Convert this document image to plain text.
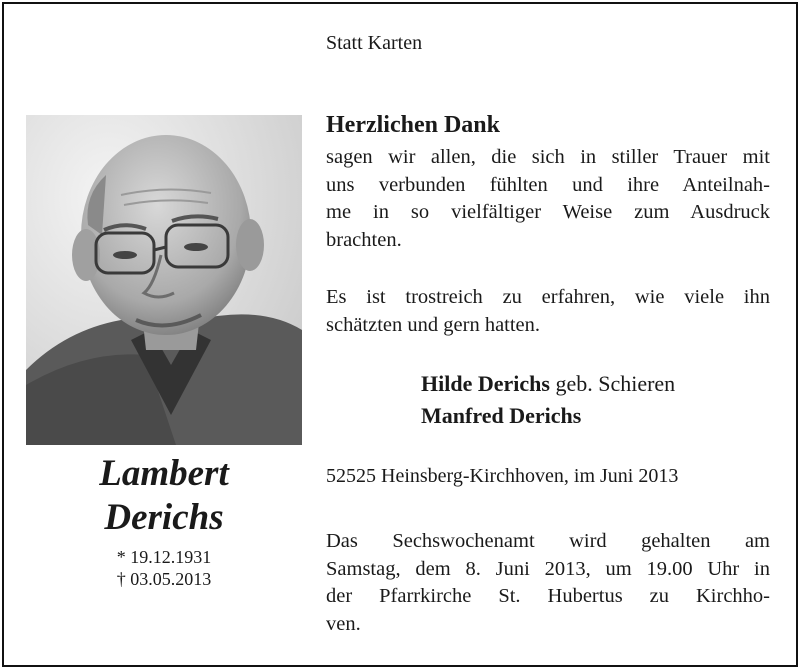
Statt Karten
Lambert
Derichs
* 19.12.1931
† 03.05.2013
Herzlichen Dank
sagen wir allen, die sich in stiller Trauer mit
uns verbunden fühlten und ihre Anteilnah-
me in so vielfältiger Weise zum Ausdruck
brachten.
Es ist trostreich zu erfahren, wie viele ihn
schätzten und gern hatten.
Hilde Derichs geb. Schieren
Manfred Derichs
52525 Heinsberg-Kirchhoven, im Juni 2013
Das Sechswochenamt wird gehalten am
Samstag, dem 8. Juni 2013, um 19.00 Uhr in
der Pfarrkirche St. Hubertus zu Kirchho-
ven.
